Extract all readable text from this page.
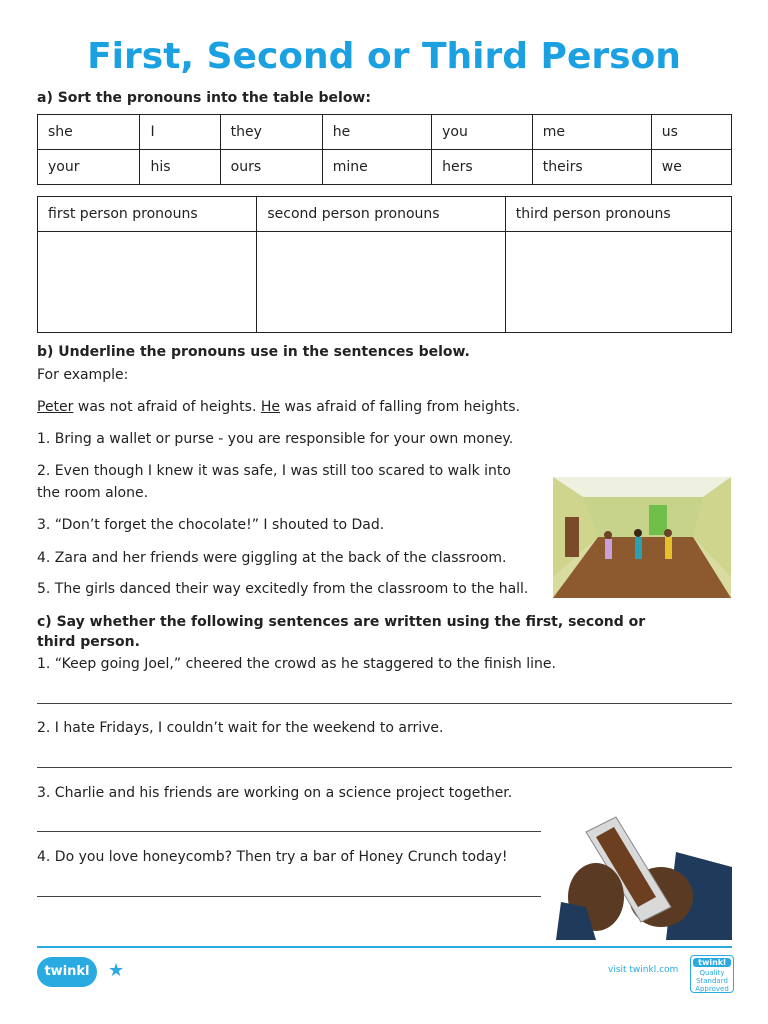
First, Second or Third Person
a) Sort the pronouns into the table below:
she	I	they	he	you	me	us
your	his	ours	mine	hers	theirs	we
first person pronouns	second person pronouns	third person pronouns

b) Underline the pronouns use in the sentences below.
For example:
Peter was not afraid of heights. He was afraid of falling from heights.
1. Bring a wallet or purse - you are responsible for your own money.
2. Even though I knew it was safe, I was still too scared to walk into
the room alone.
3. “Don’t forget the chocolate!” I shouted to Dad.
4. Zara and her friends were giggling at the back of the classroom.
5. The girls danced their way excitedly from the classroom to the hall.
c) Say whether the following sentences are written using the first, second or
third person.
1. “Keep going Joel,” cheered the crowd as he staggered to the finish line.
2. I hate Fridays, I couldn’t wait for the weekend to arrive.
3. Charlie and his friends are working on a science project together.
4. Do you love honeycomb? Then try a bar of Honey Crunch today!
twinkl	★	visit twinkl.com
twinkl
Quality Standard Approved
